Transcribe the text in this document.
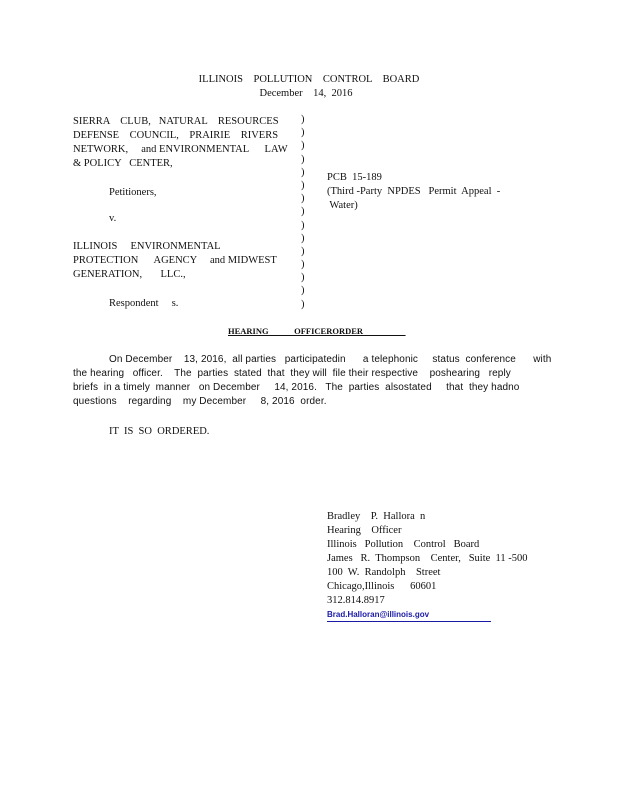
ILLINOIS    POLLUTION    CONTROL    BOARD
December    14,  2016
SIERRA    CLUB,   NATURAL    RESOURCES
DEFENSE    COUNCIL,    PRAIRIE    RIVERS
NETWORK,     and ENVIRONMENTAL      LAW
& POLICY   CENTER,
Petitioners,
v.
ILLINOIS     ENVIRONMENTAL
PROTECTION      AGENCY     and MIDWEST
GENERATION,       LLC.,
Respondent     s.
)
)
)
)
)
)
)
)
)
)
)
)
)
)
)
PCB  15-189
(Third -Party  NPDES   Permit  Appeal  -
Water)
HEARING            OFFICERORDER
On December    13, 2016,  all parties   participatedin      a telephonic     status  conference      with
the hearing   officer.    The  parties  stated  that  they will  file their respective    poshearing   reply
briefs  in a timely  manner   on December     14, 2016.   The  parties  alsostated     that  they hadno
questions    regarding    my December     8, 2016  order.
IT  IS  SO  ORDERED.
Bradley    P.  Hallora  n
Hearing    Officer
Illinois   Pollution    Control   Board
James   R.  Thompson    Center,   Suite  11 -500
100  W.  Randolph    Street
Chicago,Illinois      60601
312.814.8917
Brad.Halloran@illinois.gov
